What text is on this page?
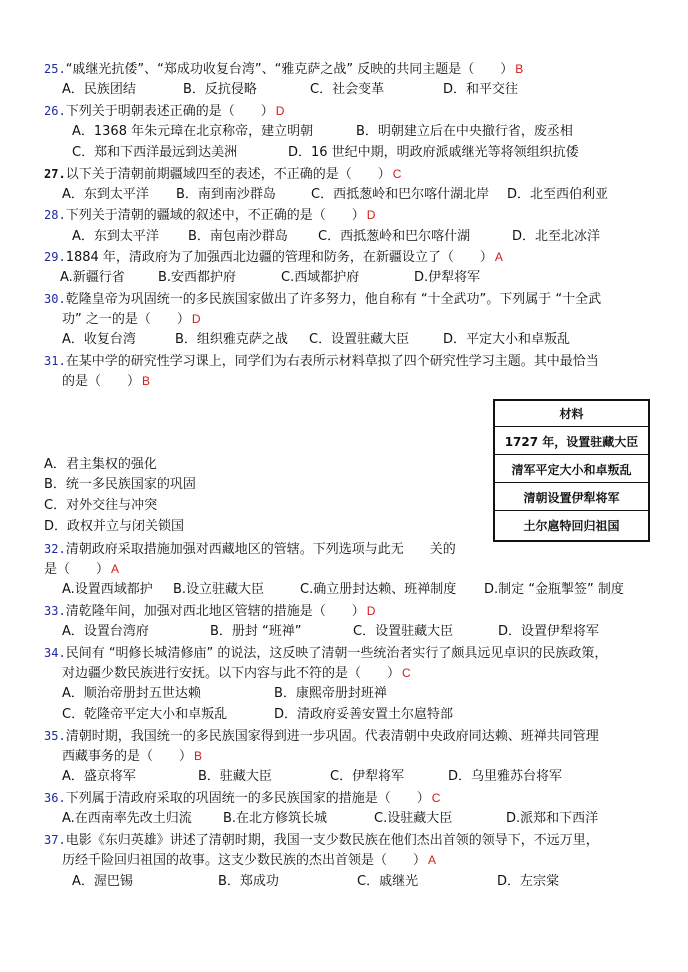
25.“戚继光抗倭”、“郑成功收复台湾”、“雅克萨之战” 反映的共同主题是（　　） B
A．民族团结	B．反抗侵略	C．社会变革	D．和平交往
26.下列关于明朝表述正确的是（　　） D
A．1368 年朱元璋在北京称帝，建立明朝	B．明朝建立后在中央撤行省，废丞相
C．郑和下西洋最远到达美洲	D．16 世纪中期，明政府派戚继光等将领组织抗倭
27.以下关于清朝前期疆域四至的表述，不正确的是（　　） C
A．东到太平洋 B．南到南沙群岛	C．西抵葱岭和巴尔喀什湖北岸 D．北至西伯利亚
28.下列关于清朝的疆域的叙述中，不正确的是（　　） D
A．东到太平洋 B．南包南沙群岛 C．西抵葱岭和巴尔喀什湖	D．北至北冰洋
29.1884 年，清政府为了加强西北边疆的管理和防务，在新疆设立了（　　） A
A.新疆行省	B.安西都护府	C.西域都护府	D.伊犁将军
30.乾隆皇帝为巩固统一的多民族国家做出了许多努力，他自称有 “十全武功”。下列属于 “十全武
功” 之一的是（　　） D
A．收复台湾	B．组织雅克萨之战 C．设置驻藏大臣	D．平定大小和卓叛乱
31.在某中学的研究性学习课上，同学们为右表所示材料草拟了四个研究性学习主题。其中最恰当
的是（　　） B
材料
1727 年，设置驻藏大臣
清军平定大小和卓叛乱
清朝设置伊犁将军
土尔扈特回归祖国
A．君主集权的强化
B．统一多民族国家的巩固
C．对外交往与冲突
D．政权并立与闭关锁国
32.清朝政府采取措施加强对西藏地区的管辖。下列选项与此无　　关的
是（　　） A
A.设置西域都护 B.设立驻藏大臣	C.确立册封达赖、班禅制度 D.制定 “金瓶掣签” 制度
33.清乾隆年间，加强对西北地区管辖的措施是（　　） D
A．设置台湾府	B．册封 “班禅”	C．设置驻藏大臣	D．设置伊犁将军
34.民间有 “明修长城清修庙” 的说法，这反映了清朝一些统治者实行了颇具远见卓识的民族政策，
对边疆少数民族进行安抚。以下内容与此不符的是（　　） C
A．顺治帝册封五世达赖	B．康熙帝册封班禅
C．乾隆帝平定大小和卓叛乱	D．清政府妥善安置土尔扈特部
35.清朝时期，我国统一的多民族国家得到进一步巩固。代表清朝中央政府同达赖、班禅共同管理
西藏事务的是（　　） B
A．盛京将军	B．驻藏大臣	C．伊犁将军	D．乌里雅苏台将军
36.下列属于清政府采取的巩固统一的多民族国家的措施是（　　） C
A.在西南率先改土归流 B.在北方修筑长城	C.设驻藏大臣	D.派郑和下西洋
37.电影《东归英雄》讲述了清朝时期，我国一支少数民族在他们杰出首领的领导下，不远万里，
历经千险回归祖国的故事。这支少数民族的杰出首领是（　　） A
A．渥巴锡	B．郑成功	C．戚继光	D．左宗棠
